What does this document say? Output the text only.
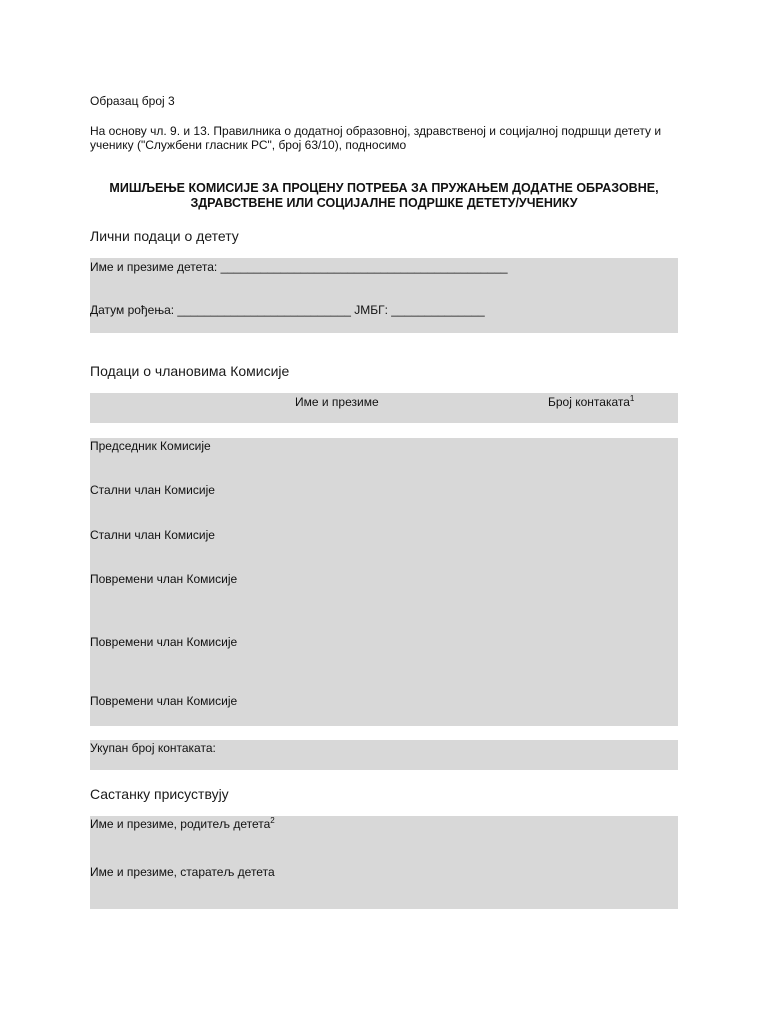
Образац број 3
На основу чл. 9. и 13. Правилника о додатној образовној, здравственој и социјалној подршци детету и ученику ("Службени гласник РС", број 63/10), подносимо
МИШЉЕЊЕ КОМИСИЈЕ ЗА ПРОЦЕНУ ПОТРЕБА ЗА ПРУЖАЊЕМ ДОДАТНЕ ОБРАЗОВНЕ,
ЗДРАВСТВЕНЕ ИЛИ СОЦИЈАЛНЕ ПОДРШКЕ ДЕТЕТУ/УЧЕНИКУ
Лични подаци о детету
Име и презиме детета: ___________________________________________
Датум рођења: __________________________ ЈМБГ: ______________
Подаци о члановима Комисије
Име и презиме	Број контаката$^1$
Председник Комисије
Стални члан Комисије
Стални члан Комисије
Повремени члан Комисије
Повремени члан Комисије
Повремени члан Комисије
Укупан број контаката:
Састанку присуствују
Име и презиме, родитељ детета$^2$
Име и презиме, старатељ детета
